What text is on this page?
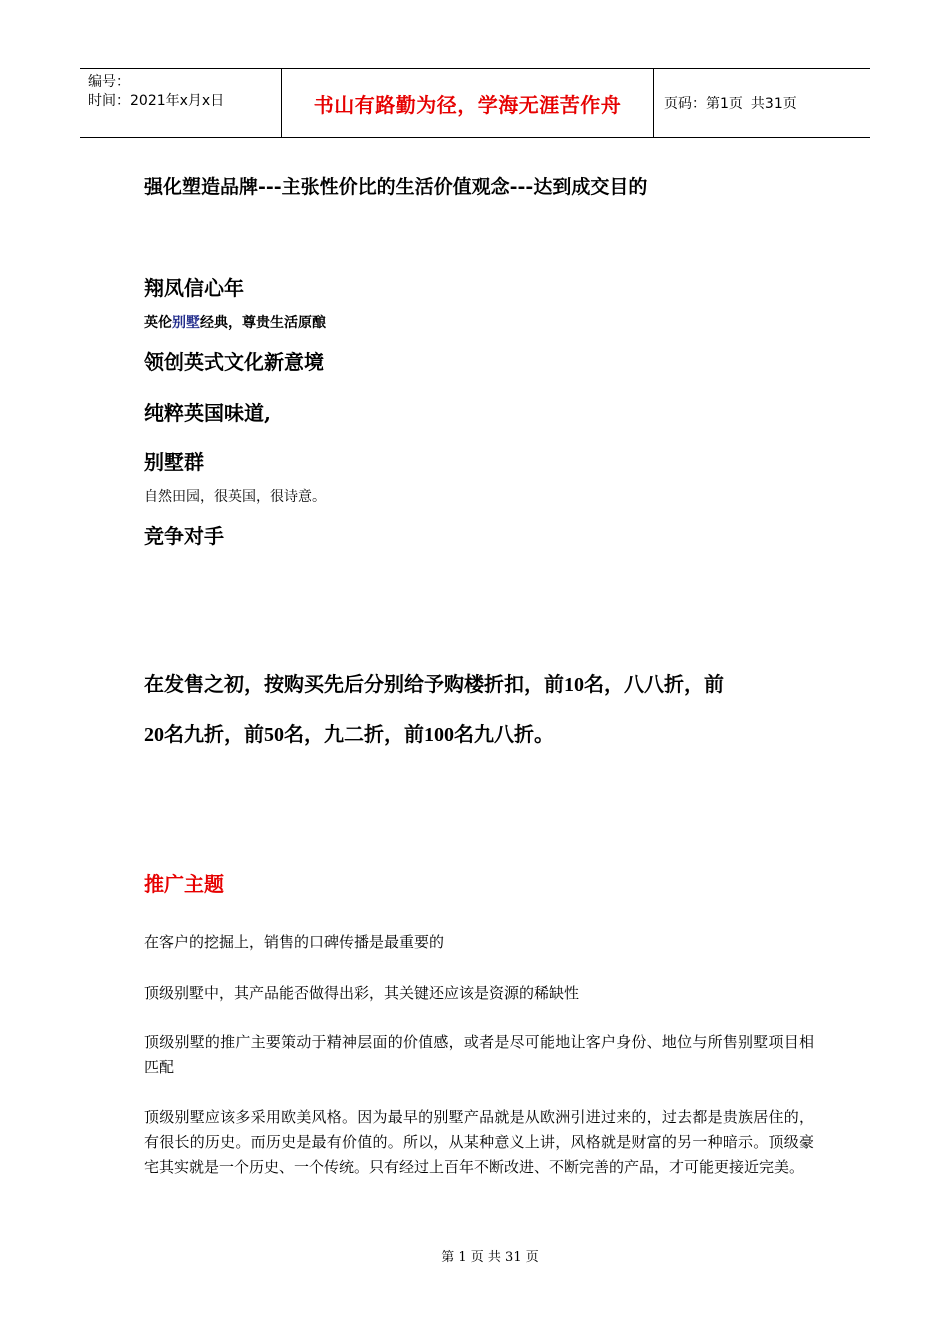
编号：
时间：2021年x月x日	书山有路勤为径，学海无涯苦作舟	页码：第1页 共31页
强化塑造品牌---主张性价比的生活价值观念---达到成交目的
翔凤信心年
英伦别墅经典，尊贵生活原酿
领创英式文化新意境
纯粹英国味道,
别墅群
自然田园，很英国，很诗意。
竞争对手
在发售之初，按购买先后分别给予购楼折扣，前10名，八八折，前
20名九折，前50名，九二折，前100名九八折。
推广主题
在客户的挖掘上，销售的口碑传播是最重要的
顶级别墅中，其产品能否做得出彩，其关键还应该是资源的稀缺性
顶级别墅的推广主要策动于精神层面的价值感，或者是尽可能地让客户身份、地位与所售别墅项目相匹配
顶级别墅应该多采用欧美风格。因为最早的别墅产品就是从欧洲引进过来的，过去都是贵族居住的，有很长的历史。而历史是最有价值的。所以，从某种意义上讲，风格就是财富的另一种暗示。顶级豪宅其实就是一个历史、一个传统。只有经过上百年不断改进、不断完善的产品，才可能更接近完美。
第 1 页 共 31 页
